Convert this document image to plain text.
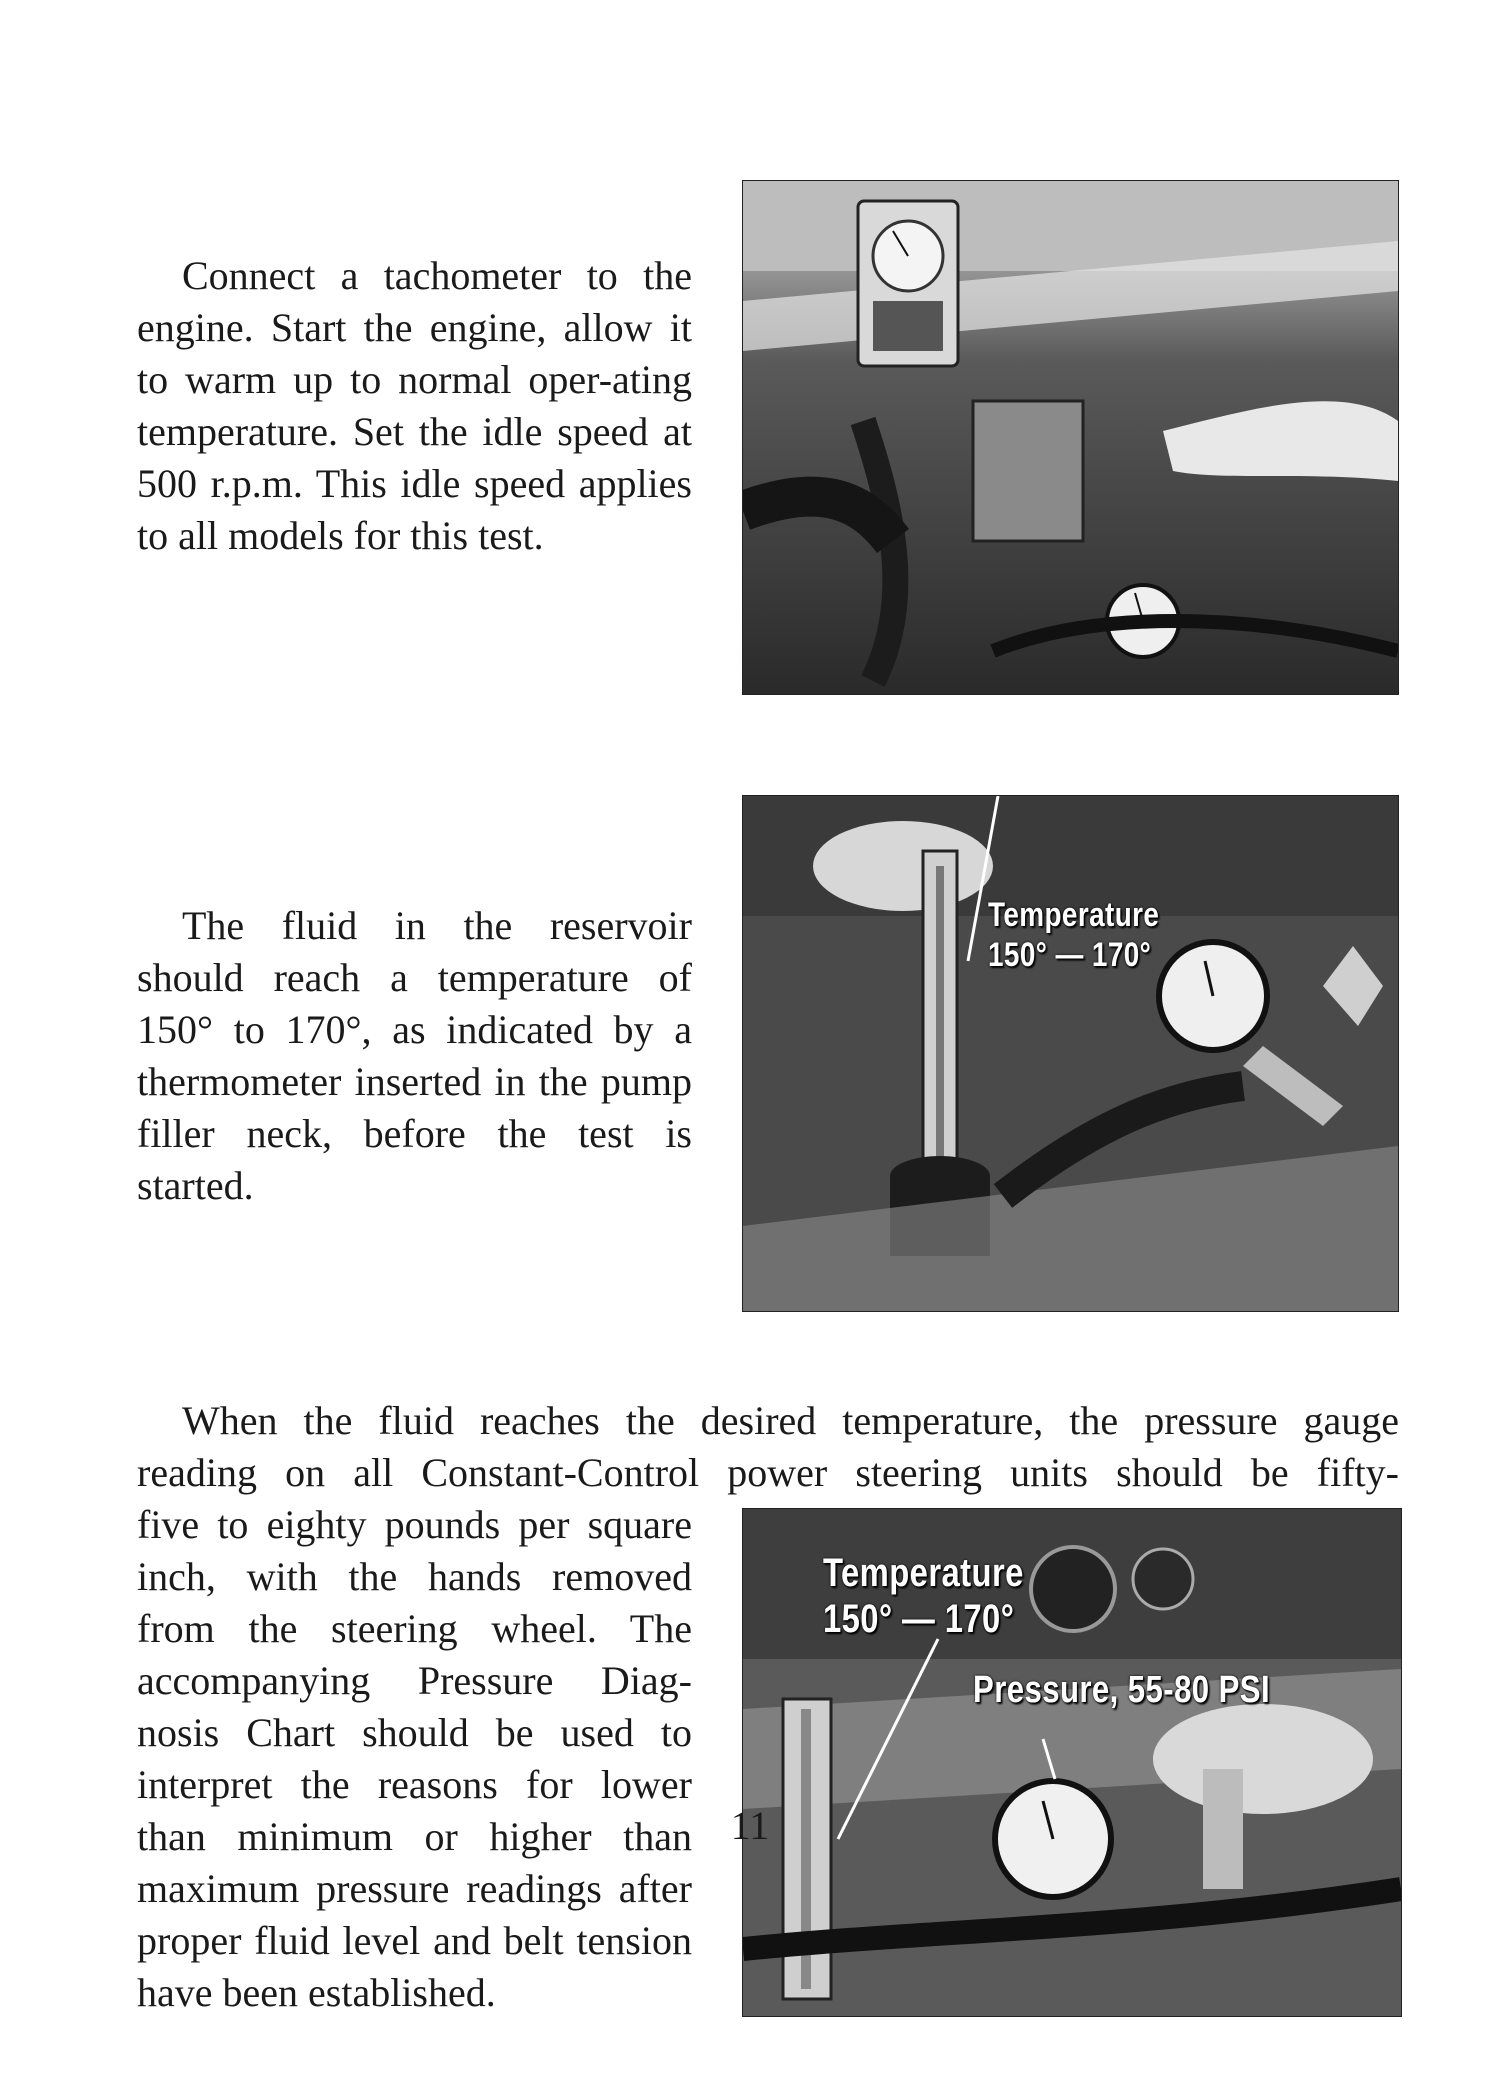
Connect a tachometer to the engine. Start the engine, allow it to warm up to normal oper-ating temperature. Set the idle speed at 500 r.p.m. This idle speed applies to all models for this test.

The fluid in the reservoir should reach a temperature of 150° to 170°, as indicated by a thermometer inserted in the pump filler neck, before the test is started.

Temperature
150° — 170°

When the fluid reaches the desired temperature, the pressure gauge
reading on all Constant-Control power steering units should be fifty-

five to eighty pounds per square inch, with the hands removed from the steering wheel. The accompanying Pressure Diag-nosis Chart should be used to interpret the reasons for lower than minimum or higher than maximum pressure readings after proper fluid level and belt tension have been established.

Temperature
150° — 170°
Pressure, 55-80 PSI
11
